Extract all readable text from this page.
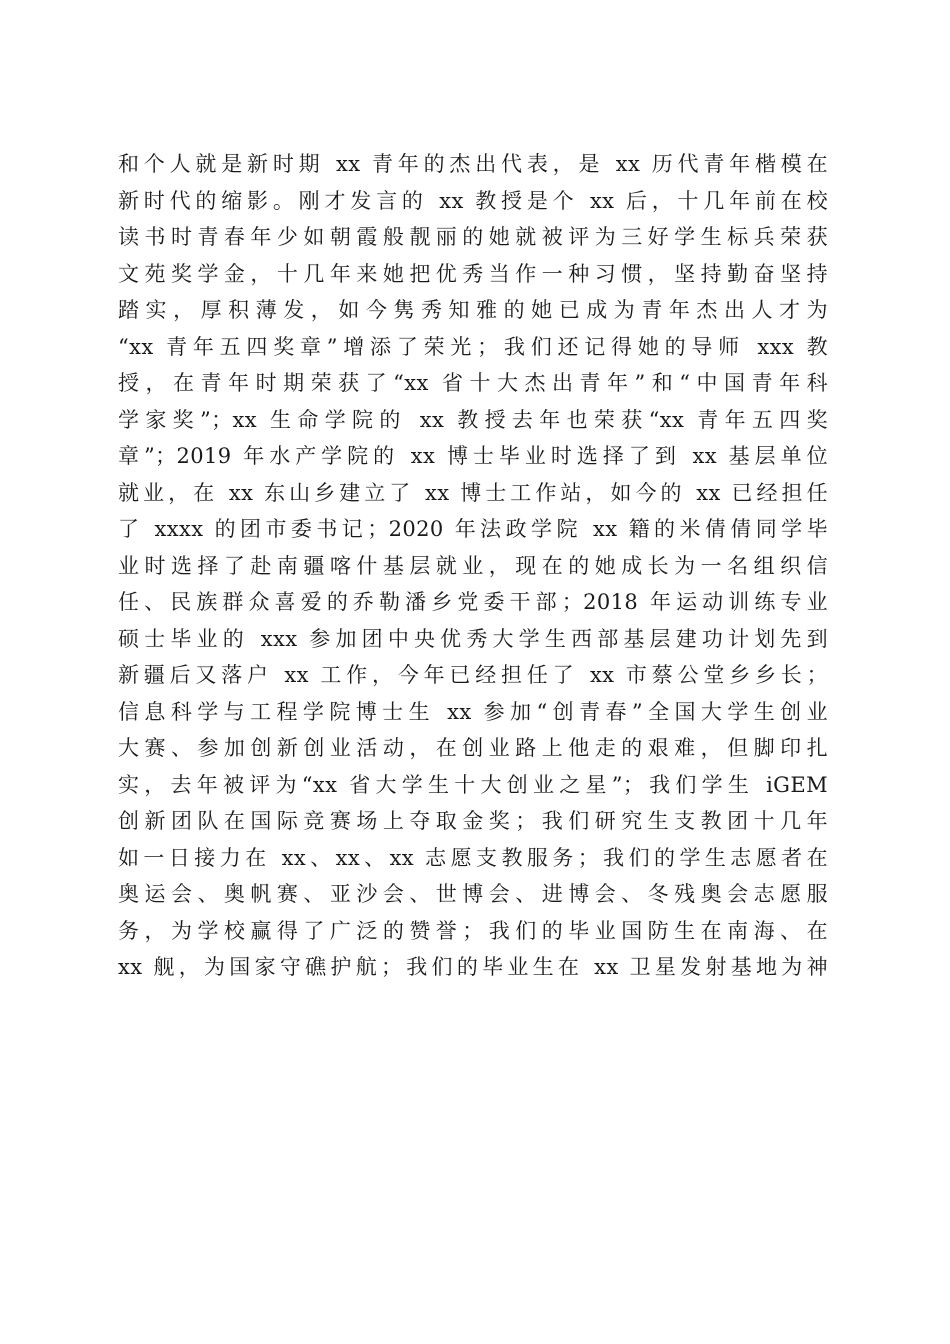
和个人就是新时期 xx 青年的杰出代表，是 xx 历代青年楷模在
新时代的缩影。刚才发言的 xx 教授是个 xx 后，十几年前在校
读书时青春年少如朝霞般靓丽的她就被评为三好学生标兵荣获
文苑奖学金，十几年来她把优秀当作一种习惯，坚持勤奋坚持
踏实，厚积薄发，如今隽秀知雅的她已成为青年杰出人才为
“xx 青年五四奖章”增添了荣光；我们还记得她的导师 xxx 教
授，在青年时期荣获了“xx 省十大杰出青年”和“中国青年科
学家奖”；xx 生命学院的 xx 教授去年也荣获“xx 青年五四奖
章”；2019 年水产学院的 xx 博士毕业时选择了到 xx 基层单位
就业，在 xx 东山乡建立了 xx 博士工作站，如今的 xx 已经担任
了 xxxx 的团市委书记；2020 年法政学院 xx 籍的米倩倩同学毕
业时选择了赴南疆喀什基层就业，现在的她成长为一名组织信
任、民族群众喜爱的乔勒潘乡党委干部；2018 年运动训练专业
硕士毕业的 xxx 参加团中央优秀大学生西部基层建功计划先到
新疆后又落户 xx 工作，今年已经担任了 xx 市蔡公堂乡乡长；
信息科学与工程学院博士生 xx 参加“创青春”全国大学生创业
大赛、参加创新创业活动，在创业路上他走的艰难，但脚印扎
实，去年被评为“xx 省大学生十大创业之星”；我们学生 iGEM
创新团队在国际竞赛场上夺取金奖；我们研究生支教团十几年
如一日接力在 xx、xx、xx 志愿支教服务；我们的学生志愿者在
奥运会、奥帆赛、亚沙会、世博会、进博会、冬残奥会志愿服
务，为学校赢得了广泛的赞誉；我们的毕业国防生在南海、在
xx 舰，为国家守礁护航；我们的毕业生在 xx 卫星发射基地为神
